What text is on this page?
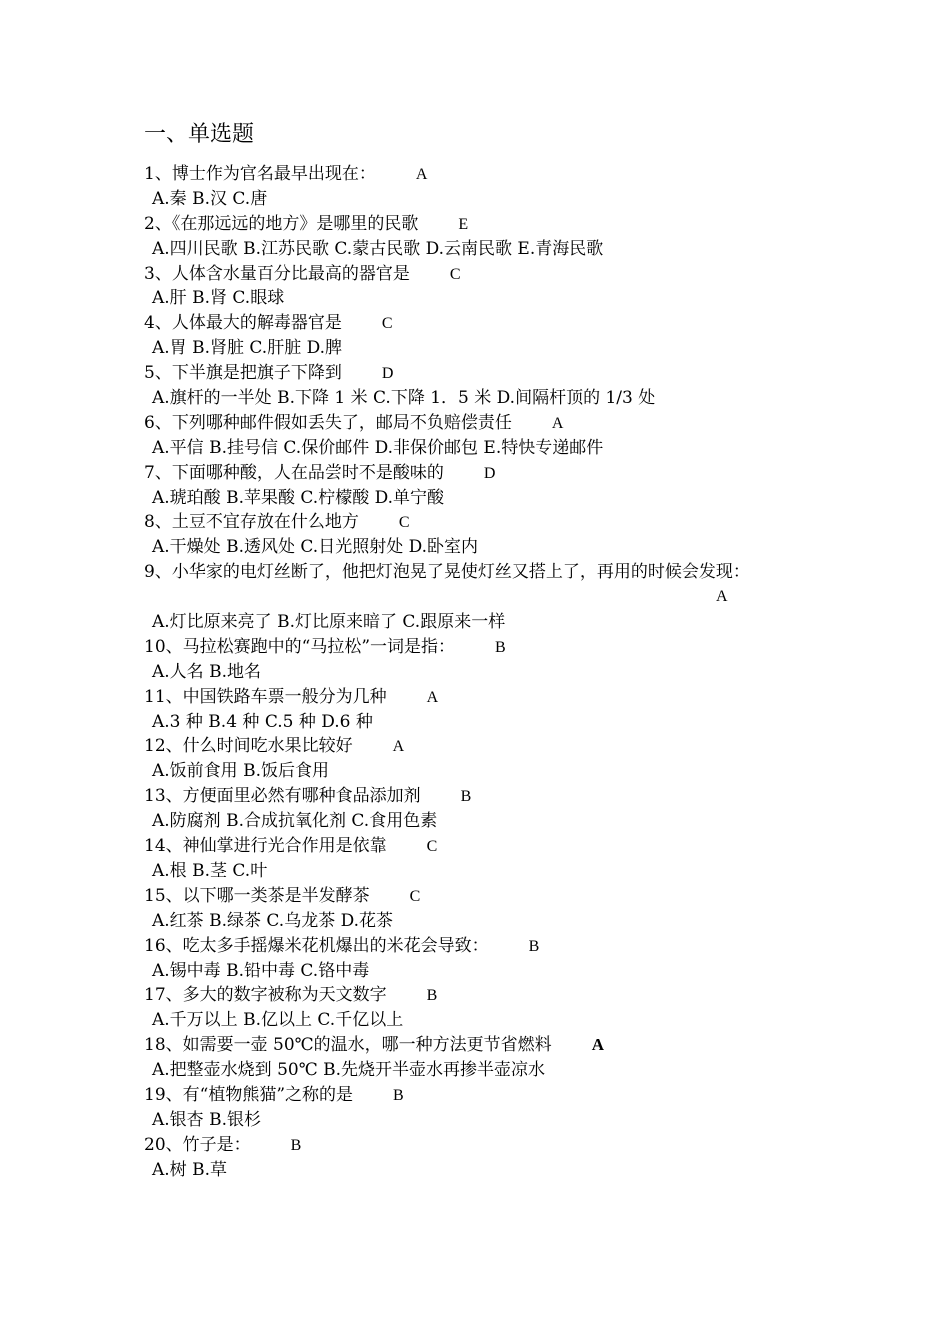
一、单选题
1、博士作为官名最早出现在：	A
A.秦 B.汉 C.唐
2、《在那远远的地方》是哪里的民歌	E
A.四川民歌 B.江苏民歌 C.蒙古民歌 D.云南民歌 E.青海民歌
3、人体含水量百分比最高的器官是	C
A.肝 B.肾 C.眼球
4、人体最大的解毒器官是	C
A.胃 B.肾脏 C.肝脏 D.脾
5、下半旗是把旗子下降到	D
A.旗杆的一半处 B.下降 1 米 C.下降 1．5 米 D.间隔杆顶的 1/3 处
6、下列哪种邮件假如丢失了，邮局不负赔偿责任	A
A.平信 B.挂号信 C.保价邮件 D.非保价邮包 E.特快专递邮件
7、下面哪种酸，人在品尝时不是酸味的	D
A.琥珀酸 B.苹果酸 C.柠檬酸 D.单宁酸
8、土豆不宜存放在什么地方	C
A.干燥处 B.透风处 C.日光照射处 D.卧室内
9、小华家的电灯丝断了，他把灯泡晃了晃使灯丝又搭上了，再用的时候会发现：
A
A.灯比原来亮了 B.灯比原来暗了 C.跟原来一样
10、马拉松赛跑中的“马拉松”一词是指：	B
A.人名 B.地名
11、中国铁路车票一般分为几种	A
A.3 种 B.4 种 C.5 种 D.6 种
12、什么时间吃水果比较好	A
A.饭前食用 B.饭后食用
13、方便面里必然有哪种食品添加剂	B
A.防腐剂 B.合成抗氧化剂 C.食用色素
14、神仙掌进行光合作用是依靠	C
A.根 B.茎 C.叶
15、以下哪一类茶是半发酵茶	C
A.红茶 B.绿茶 C.乌龙茶 D.花茶
16、吃太多手摇爆米花机爆出的米花会导致：	B
A.锡中毒 B.铅中毒 C.铬中毒
17、多大的数字被称为天文数字	B
A.千万以上 B.亿以上 C.千亿以上
18、如需要一壶 50℃的温水，哪一种方法更节省燃料 A
A.把整壶水烧到 50℃ B.先烧开半壶水再掺半壶凉水
19、有“植物熊猫”之称的是	B
A.银杏 B.银杉
20、竹子是：	B
A.树 B.草
